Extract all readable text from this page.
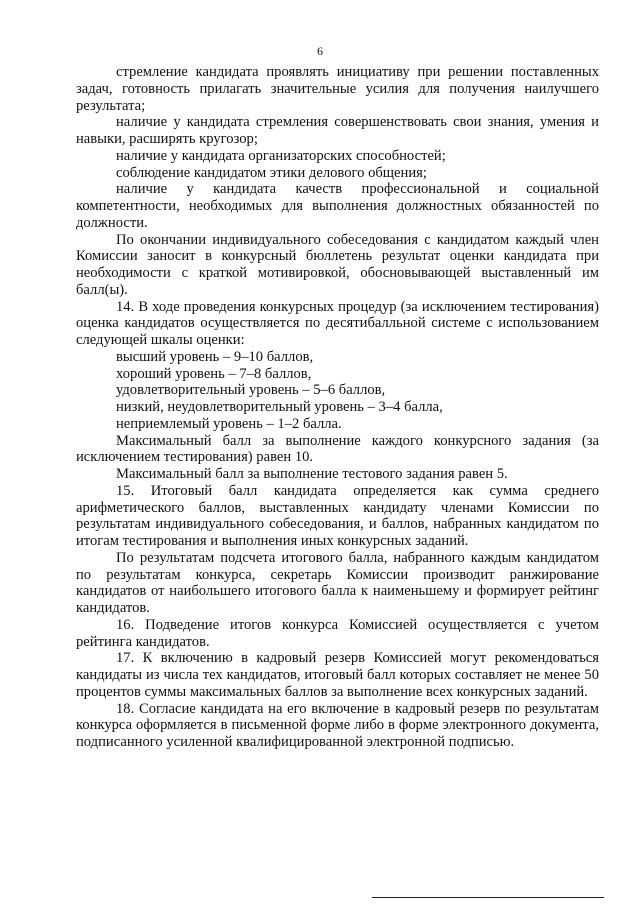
6

стремление кандидата проявлять инициативу при решении поставленных задач, готовность прилагать значительные усилия для получения наилучшего результата;

наличие у кандидата стремления совершенствовать свои знания, умения и навыки, расширять кругозор;

наличие у кандидата организаторских способностей;

соблюдение кандидатом этики делового общения;

наличие у кандидата качеств профессиональной и социальной компетентности, необходимых для выполнения должностных обязанностей по должности.

По окончании индивидуального собеседования с кандидатом каждый член Комиссии заносит в конкурсный бюллетень результат оценки кандидата при необходимости с краткой мотивировкой, обосновывающей выставленный им балл(ы).

14. В ходе проведения конкурсных процедур (за исключением тестирования) оценка кандидатов осуществляется по десятибалльной системе с использованием следующей шкалы оценки:

высший уровень – 9–10 баллов,

хороший уровень – 7–8 баллов,

удовлетворительный уровень – 5–6 баллов,

низкий, неудовлетворительный уровень – 3–4 балла,

неприемлемый уровень – 1–2 балла.

Максимальный балл за выполнение каждого конкурсного задания (за исключением тестирования) равен 10.

Максимальный балл за выполнение тестового задания равен 5.

15. Итоговый балл кандидата определяется как сумма среднего арифметического баллов, выставленных кандидату членами Комиссии по результатам индивидуального собеседования, и баллов, набранных кандидатом по итогам тестирования и выполнения иных конкурсных заданий.

По результатам подсчета итогового балла, набранного каждым кандидатом по результатам конкурса, секретарь Комиссии производит ранжирование кандидатов от наибольшего итогового балла к наименьшему и формирует рейтинг кандидатов.

16. Подведение итогов конкурса Комиссией осуществляется с учетом рейтинга кандидатов.

17. К включению в кадровый резерв Комиссией могут рекомендоваться кандидаты из числа тех кандидатов, итоговый балл которых составляет не менее 50 процентов суммы максимальных баллов за выполнение всех конкурсных заданий.

18. Согласие кандидата на его включение в кадровый резерв по результатам конкурса оформляется в письменной форме либо в форме электронного документа, подписанного усиленной квалифицированной электронной подписью.
